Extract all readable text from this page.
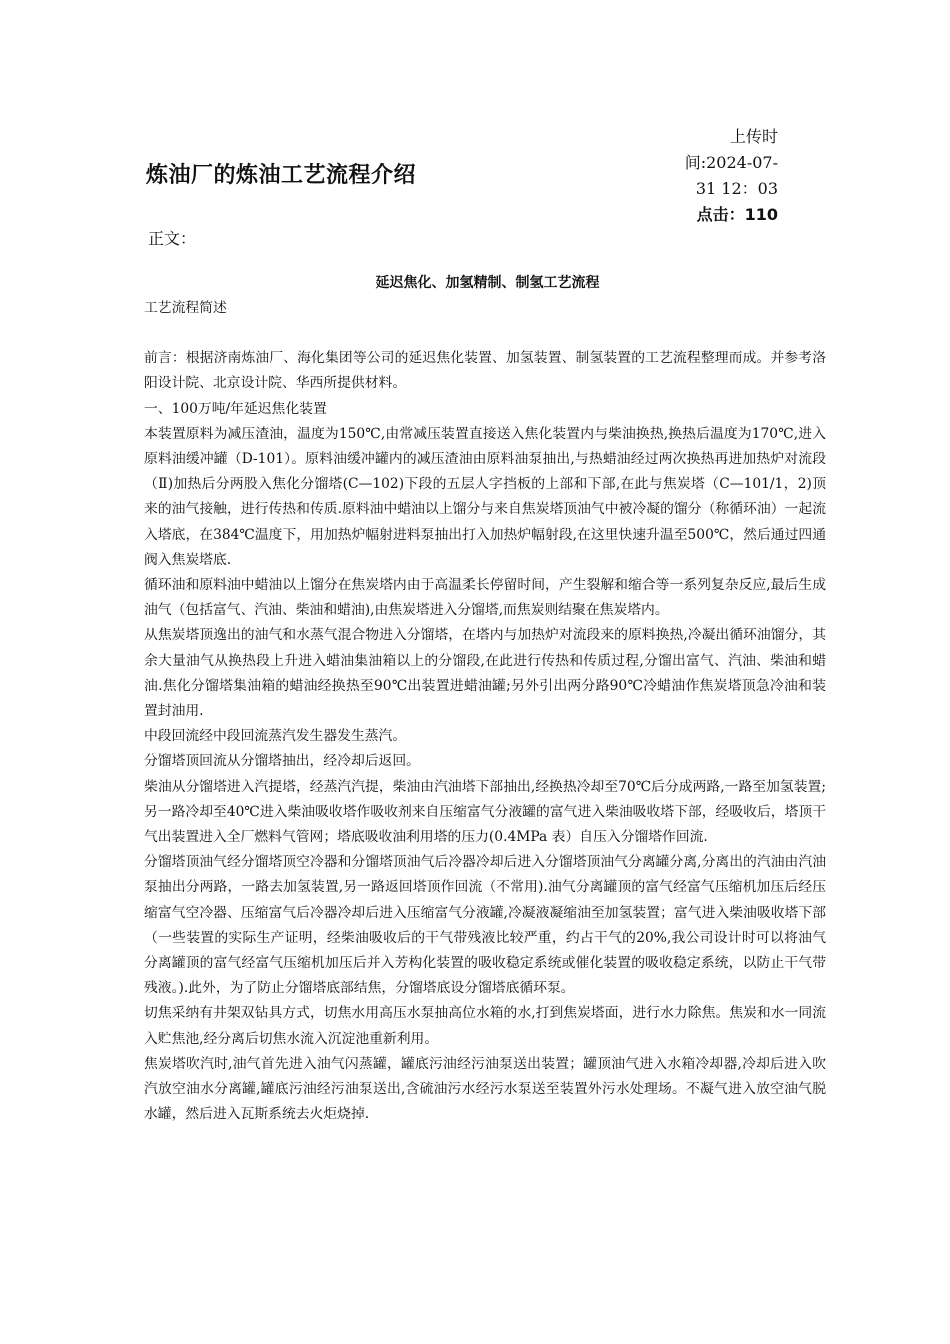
炼油厂的炼油工艺流程介绍
上传时
间:2024-07-
31 12：03
点击：110
正文：
延迟焦化、加氢精制、制氢工艺流程

工艺流程简述

前言：根据济南炼油厂、海化集团等公司的延迟焦化装置、加氢装置、制氢装置的工艺流程整理而成。并参考洛阳设计院、北京设计院、华西所提供材料。

一、100万吨/年延迟焦化装置

本装置原料为减压渣油，温度为150℃,由常减压装置直接送入焦化装置内与柴油换热,换热后温度为170℃,进入原料油缓冲罐（D-101）。原料油缓冲罐内的减压渣油由原料油泵抽出,与热蜡油经过两次换热再进加热炉对流段（Ⅱ)加热后分两股入焦化分馏塔(C—102)下段的五层人字挡板的上部和下部,在此与焦炭塔（C—101/1，2)顶来的油气接触，进行传热和传质.原料油中蜡油以上馏分与来自焦炭塔顶油气中被冷凝的馏分（称循环油）一起流入塔底，在384℃温度下，用加热炉幅射进料泵抽出打入加热炉幅射段,在这里快速升温至500℃，然后通过四通阀入焦炭塔底.

循环油和原料油中蜡油以上馏分在焦炭塔内由于高温柔长停留时间，产生裂解和缩合等一系列复杂反应,最后生成油气（包括富气、汽油、柴油和蜡油),由焦炭塔进入分馏塔,而焦炭则结聚在焦炭塔内。

从焦炭塔顶逸出的油气和水蒸气混合物进入分馏塔，在塔内与加热炉对流段来的原料换热,冷凝出循环油馏分，其余大量油气从换热段上升进入蜡油集油箱以上的分馏段,在此进行传热和传质过程,分馏出富气、汽油、柴油和蜡油.焦化分馏塔集油箱的蜡油经换热至90℃出装置进蜡油罐;另外引出两分路90℃冷蜡油作焦炭塔顶急冷油和装置封油用.

中段回流经中段回流蒸汽发生器发生蒸汽。

分馏塔顶回流从分馏塔抽出，经冷却后返回。

柴油从分馏塔进入汽提塔，经蒸汽汽提，柴油由汽油塔下部抽出,经换热冷却至70℃后分成两路,一路至加氢装置;另一路冷却至40℃进入柴油吸收塔作吸收剂来自压缩富气分液罐的富气进入柴油吸收塔下部，经吸收后，塔顶干气出装置进入全厂燃料气管网；塔底吸收油利用塔的压力(0.4MPa 表）自压入分馏塔作回流.

分馏塔顶油气经分馏塔顶空冷器和分馏塔顶油气后冷器冷却后进入分馏塔顶油气分离罐分离,分离出的汽油由汽油泵抽出分两路，一路去加氢装置,另一路返回塔顶作回流（不常用).油气分离罐顶的富气经富气压缩机加压后经压缩富气空冷器、压缩富气后冷器冷却后进入压缩富气分液罐,冷凝液凝缩油至加氢装置；富气进入柴油吸收塔下部（一些装置的实际生产证明，经柴油吸收后的干气带残液比较严重，约占干气的20%,我公司设计时可以将油气分离罐顶的富气经富气压缩机加压后并入芳构化装置的吸收稳定系统或催化装置的吸收稳定系统，以防止干气带残液。).此外，为了防止分馏塔底部结焦，分馏塔底设分馏塔底循环泵。

切焦采纳有井架双钻具方式，切焦水用高压水泵抽高位水箱的水,打到焦炭塔面，进行水力除焦。焦炭和水一同流入贮焦池,经分离后切焦水流入沉淀池重新利用。

焦炭塔吹汽时,油气首先进入油气闪蒸罐，罐底污油经污油泵送出装置；罐顶油气进入水箱冷却器,冷却后进入吹汽放空油水分离罐,罐底污油经污油泵送出,含硫油污水经污水泵送至装置外污水处理场。不凝气进入放空油气脱水罐，然后进入瓦斯系统去火炬烧掉.
